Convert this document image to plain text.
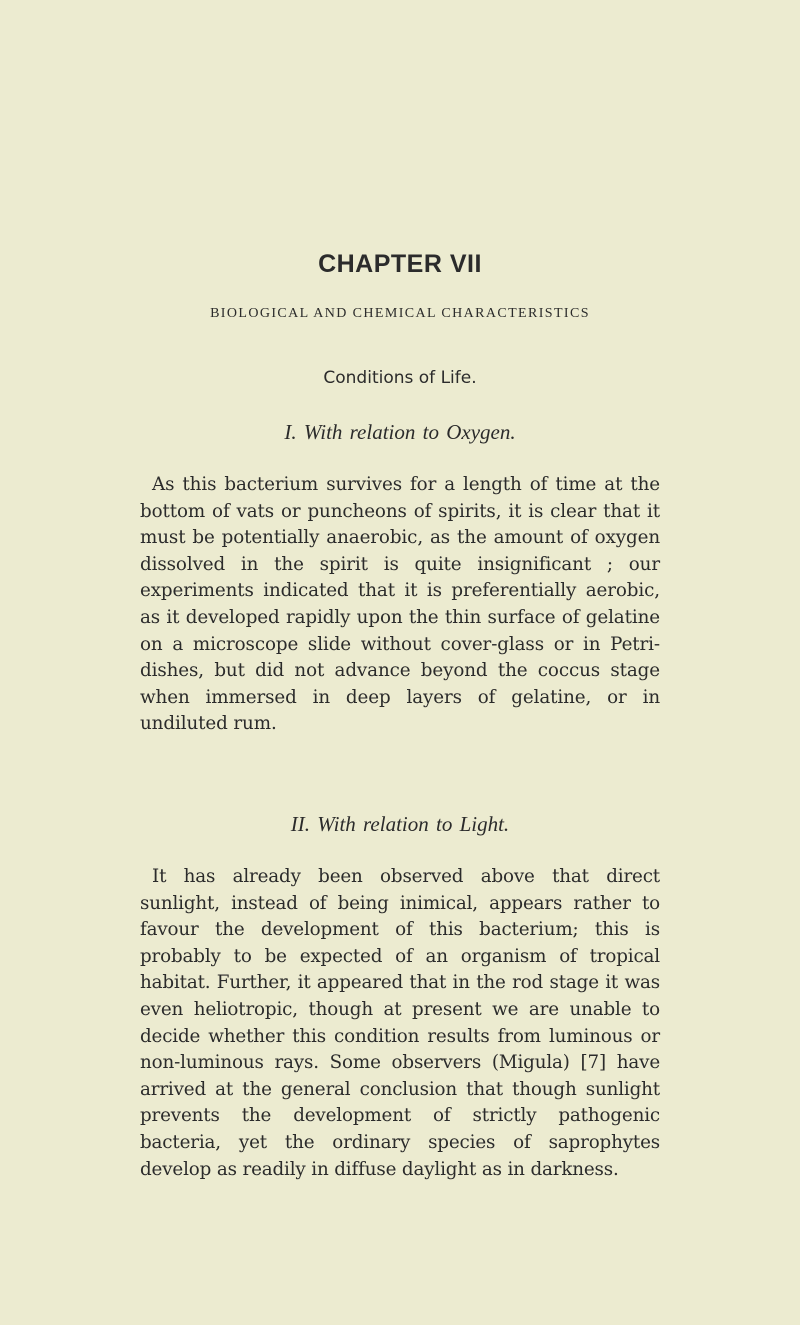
CHAPTER VII
BIOLOGICAL AND CHEMICAL CHARACTERISTICS
Conditions of Life.
I. With relation to Oxygen.

As this bacterium survives for a length of time at the bottom of vats or puncheons of spirits, it is clear that it must be potentially anaerobic, as the amount of oxygen dissolved in the spirit is quite insignificant ; our experiments indicated that it is preferentially aerobic, as it developed rapidly upon the thin surface of gelatine on a microscope slide without cover-glass or in Petri-dishes, but did not advance beyond the coccus stage when immersed in deep layers of gelatine, or in undiluted rum.

II. With relation to Light.

It has already been observed above that direct sunlight, instead of being inimical, appears rather to favour the development of this bacterium; this is probably to be expected of an organism of tropical habitat. Further, it appeared that in the rod stage it was even heliotropic, though at present we are unable to decide whether this condition results from luminous or non-luminous rays. Some observers (Migula) [7] have arrived at the general conclusion that though sunlight prevents the development of strictly pathogenic bacteria, yet the ordinary species of saprophytes develop as readily in diffuse daylight as in darkness.
